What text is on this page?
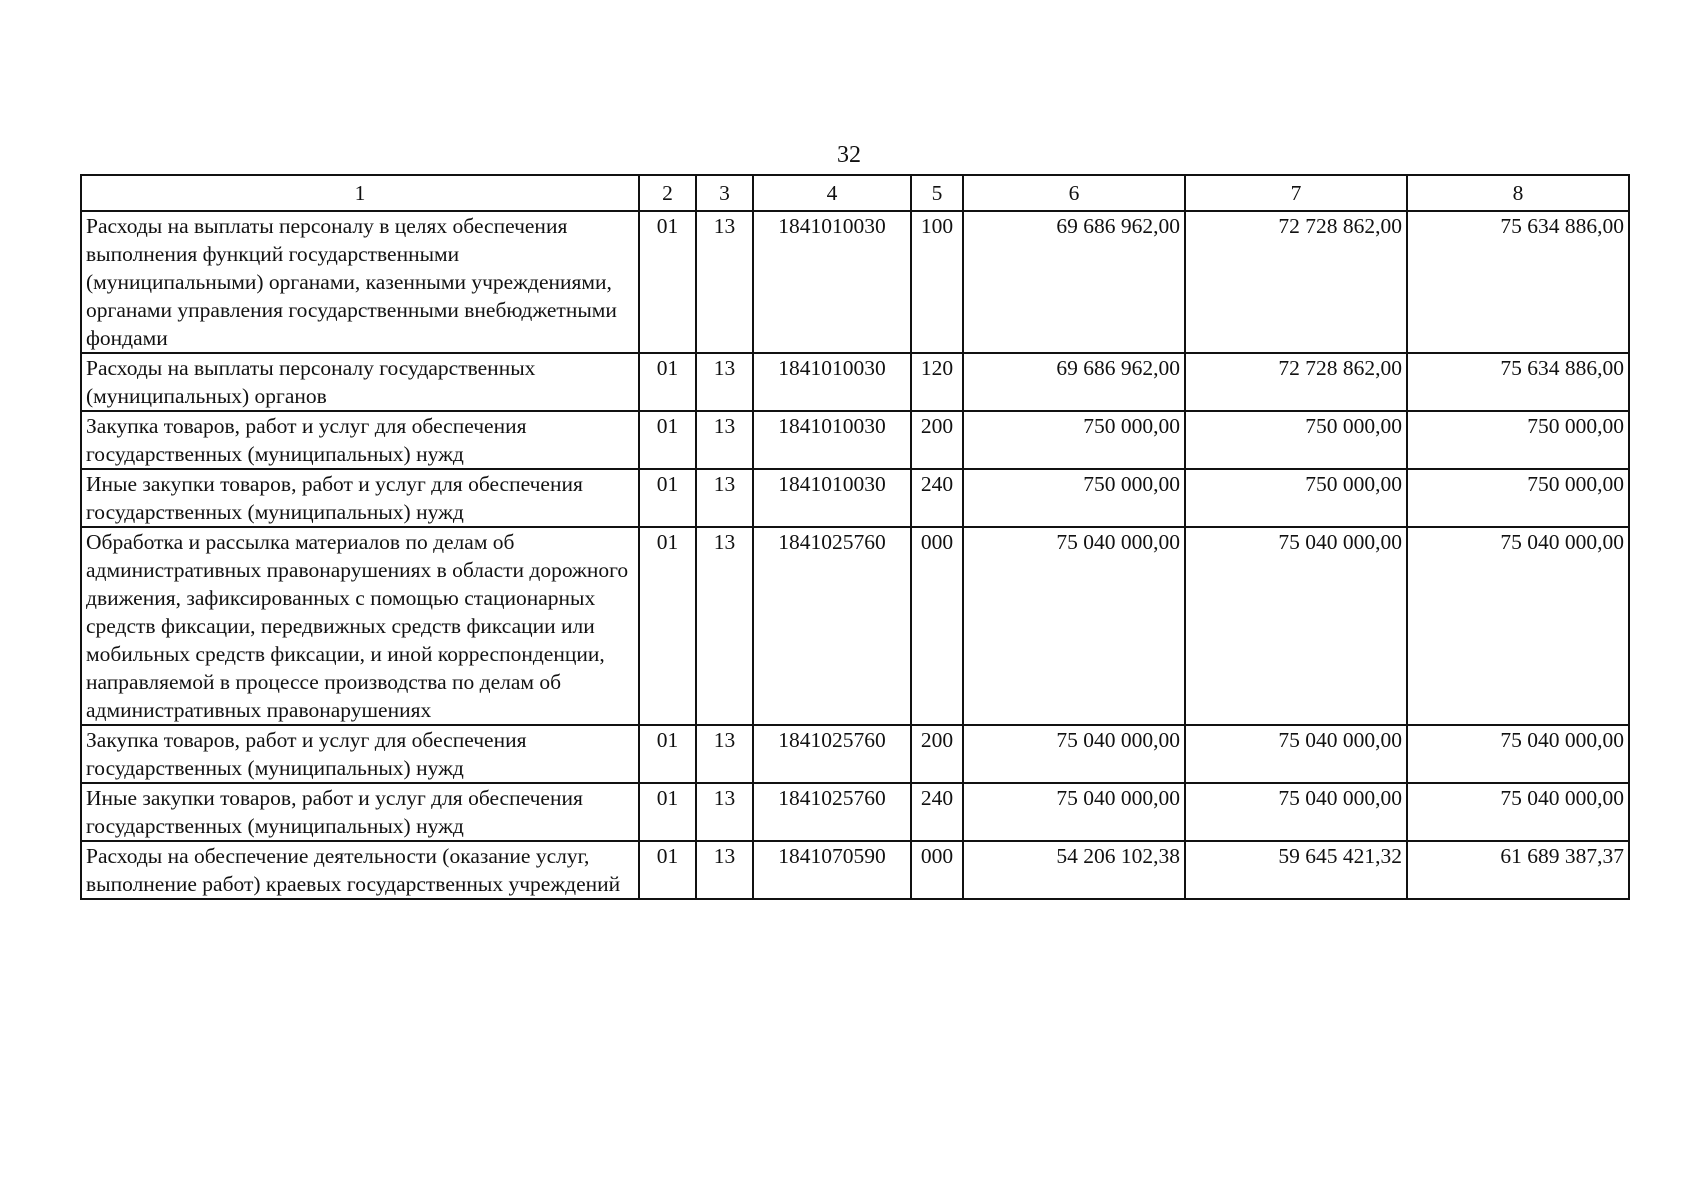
32
1	2	3	4	5	6	7	8
Расходы на выплаты персоналу в целях обеспечения выполнения функций государственными (муниципальными) органами, казенными учреждениями, органами управления государственными внебюджетными фондами	01	13	1841010030	100	69 686 962,00	72 728 862,00	75 634 886,00
Расходы на выплаты персоналу государственных (муниципальных) органов	01	13	1841010030	120	69 686 962,00	72 728 862,00	75 634 886,00
Закупка товаров, работ и услуг для обеспечения государственных (муниципальных) нужд	01	13	1841010030	200	750 000,00	750 000,00	750 000,00
Иные закупки товаров, работ и услуг для обеспечения государственных (муниципальных) нужд	01	13	1841010030	240	750 000,00	750 000,00	750 000,00
Обработка и рассылка материалов по делам об административных правонарушениях в области дорожного движения, зафиксированных с помощью стационарных средств фиксации, передвижных средств фиксации или мобильных средств фиксации, и иной корреспонденции, направляемой в процессе производства по делам об административных правонарушениях	01	13	1841025760	000	75 040 000,00	75 040 000,00	75 040 000,00
Закупка товаров, работ и услуг для обеспечения государственных (муниципальных) нужд	01	13	1841025760	200	75 040 000,00	75 040 000,00	75 040 000,00
Иные закупки товаров, работ и услуг для обеспечения государственных (муниципальных) нужд	01	13	1841025760	240	75 040 000,00	75 040 000,00	75 040 000,00
Расходы на обеспечение деятельности (оказание услуг, выполнение работ) краевых государственных учреждений	01	13	1841070590	000	54 206 102,38	59 645 421,32	61 689 387,37
